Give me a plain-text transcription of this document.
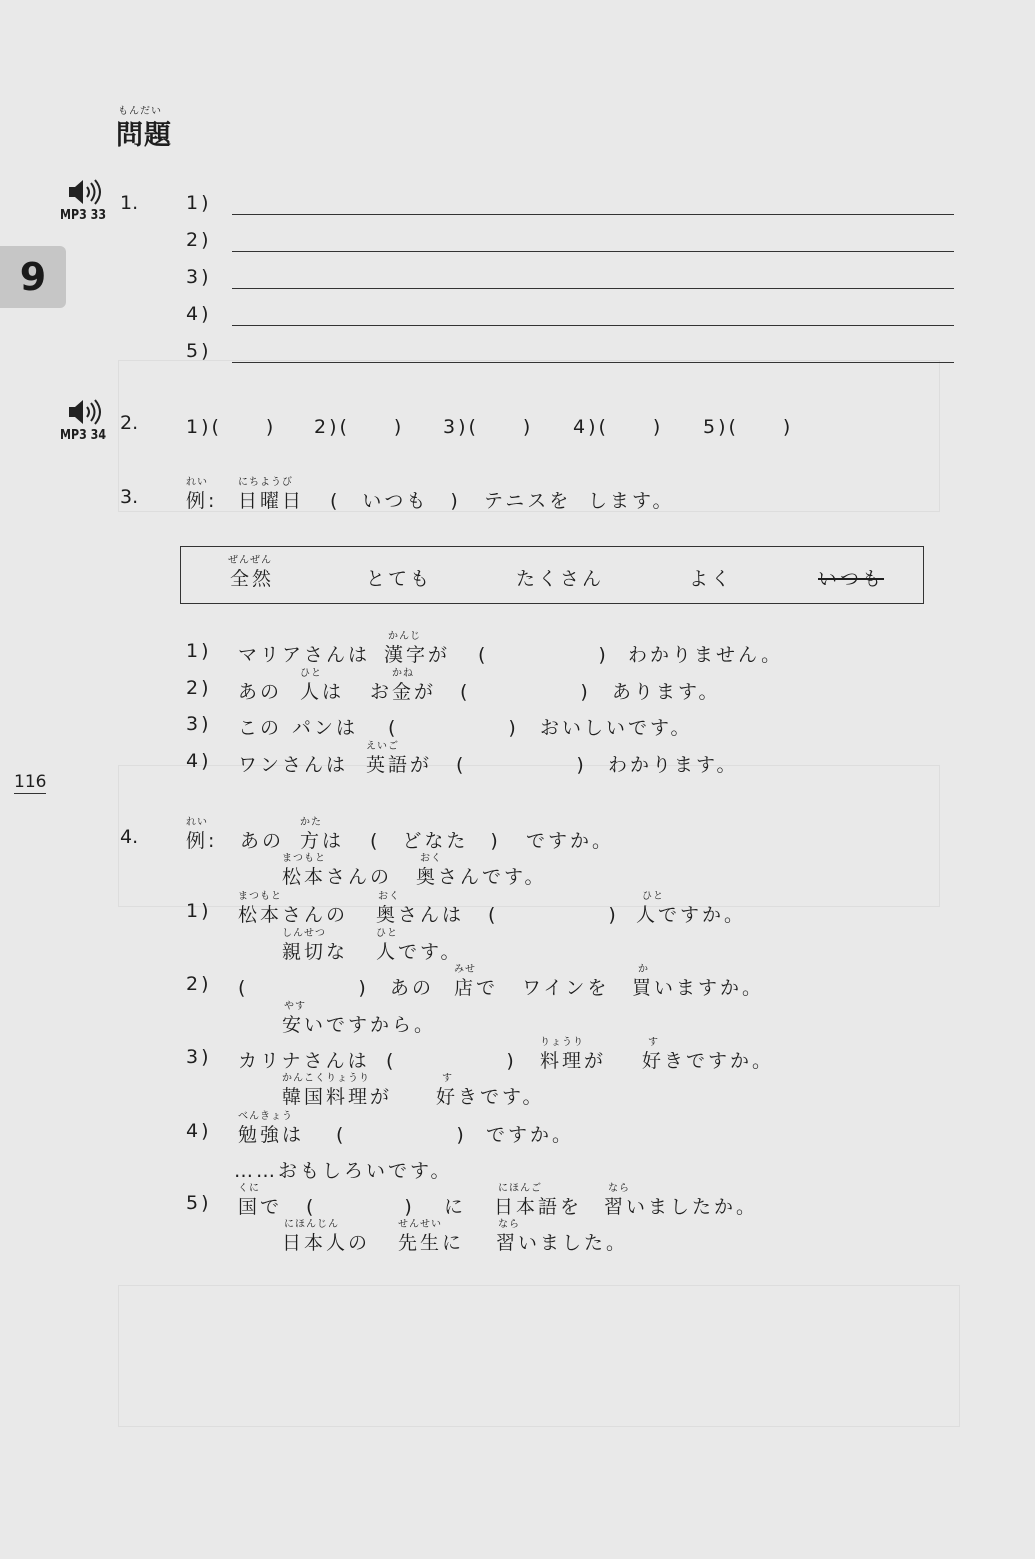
もんだい
問題
9
116
MP3 33
1.	1)
2)
3)
4)
5)
MP3 34
2.	1)(　　) 2)(　　) 3)(　　) 4)(　　) 5)(　　)
3.
れい
例:
にちようび
日曜日 (　いつも　) テニスを します。
ぜんぜん
全然	とても	たくさん	よく	いつも
1) マリアさんは
かんじ
漢字が (　　　　　) わかりません。
2) あの
ひと
人は
かね
お金が (　　　　　) あります。
3) この パンは (　　　　　) おいしいです。
4) ワンさんは
えいご
英語が (　　　　　) わかります。
4.
れい
例: あの
かた
方は (　どなた　) ですか。
まつもと
松本さんの
おく
奥さんです。
1)
まつもと
松本さんの
おく
奥さんは (　　　　　)
ひと
人ですか。
しんせつ
親切な
ひと
人です。
2) (　　　　　) あの
みせ
店で ワインを
か
買いますか。
やす
安いですから。
3) カリナさんは (　　　　　)
りょうり
料理が
す
好きですか。
かんこくりょうり
韓国料理が
す
好きです。
4)
べんきょう
勉強は (　　　　　) ですか。
……おもしろいです。
5)
くに
国で (　　　　) に
にほんご
日本語を
なら
習いましたか。
にほんじん
日本人の
せんせい
先生に
なら
習いました。
